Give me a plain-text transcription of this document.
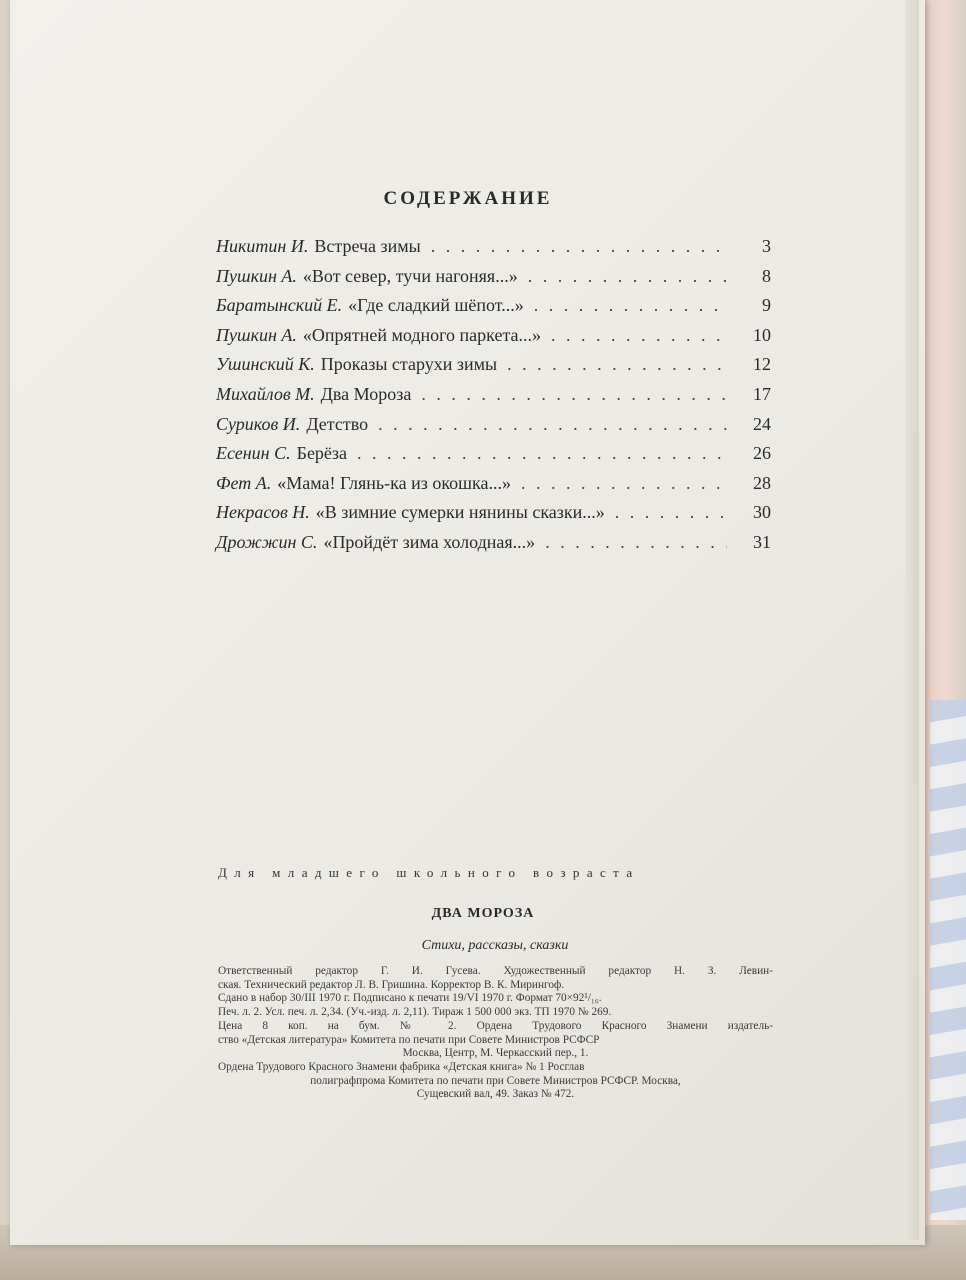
СОДЕРЖАНИЕ
Никитин И. Встреча зимы . . .	3
Пушкин А. «Вот север, тучи нагоняя...» . . .	8
Баратынский Е. «Где сладкий шёпот...» . . .	9
Пушкин А. «Опрятней модного паркета...» . . .	10
Ушинский К. Проказы старухи зимы . . .	12
Михайлов М. Два Мороза . . .	17
Суриков И. Детство . . .	24
Есенин С. Берёза . . .	26
Фет А. «Мама! Глянь-ка из окошка...» . . .	28
Некрасов Н. «В зимние сумерки нянины сказки...» . . .	30
Дрожжин С. «Пройдёт зима холодная...» . . .	31
Для младшего школьного возраста
ДВА МОРОЗА
Стихи, рассказы, сказки
Ответственный редактор Г. И. Гусева. Художественный редактор Н. З. Левин-
ская. Технический редактор Л. В. Гришина. Корректор В. К. Мирингоф.
Сдано в набор 30/III 1970 г. Подписано к печати 19/VI 1970 г. Формат 70×92¹/₁₆.
Печ. л. 2. Усл. печ. л. 2,34. (Уч.-изд. л. 2,11). Тираж 1 500 000 экз. ТП 1970 № 269.
Цена 8 коп. на бум. № 2. Ордена Трудового Красного Знамени издатель-
ство «Детская литература» Комитета по печати при Совете Министров РСФСР
Москва, Центр, М. Черкасский пер., 1.
Ордена Трудового Красного Знамени фабрика «Детская книга» № 1 Росглав
полиграфпрома Комитета по печати при Совете Министров РСФСР. Москва,
Сущевский вал, 49. Заказ № 472.
